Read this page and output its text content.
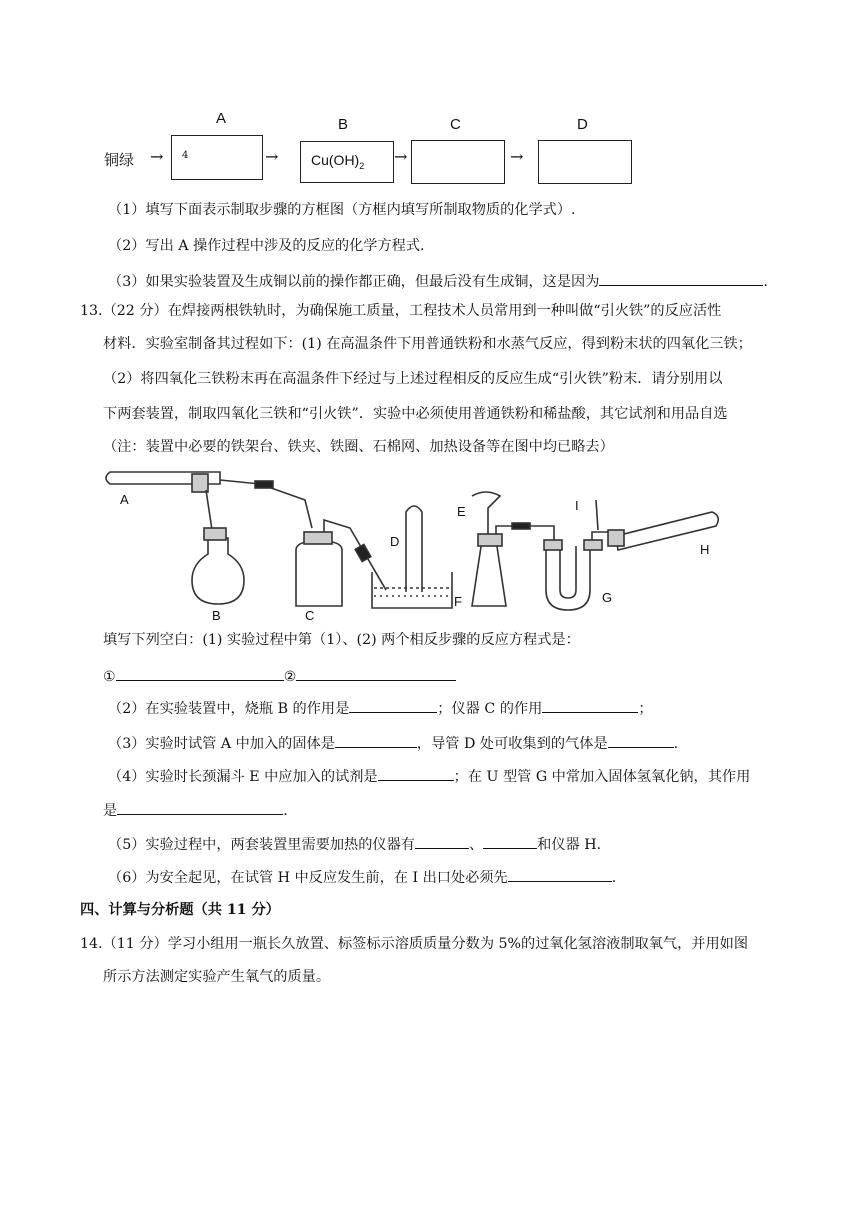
A	B	C	D
铜绿 → 4	→ $Cu(OH)_2$ →	→
（1）填写下面表示制取步骤的方框图（方框内填写所制取物质的化学式）.
（2）写出 A 操作过程中涉及的反应的化学方程式.
（3）如果实验装置及生成铜以前的操作都正确，但最后没有生成铜，这是因为	.
13.（22 分）在焊接两根铁轨时，为确保施工质量，工程技术人员常用到一种叫做“引火铁”的反应活性
材料．实验室制备其过程如下：(1) 在高温条件下用普通铁粉和水蒸气反应，得到粉末状的四氧化三铁；
（2）将四氧化三铁粉末再在高温条件下经过与上述过程相反的反应生成“引火铁”粉末．请分别用以
下两套装置，制取四氧化三铁和“引火铁”．实验中必须使用普通铁粉和稀盐酸，其它试剂和用品自选
（注：装置中必要的铁架台、铁夹、铁圈、石棉网、加热设备等在图中均已略去）
A
B	C
D
E
F
I
G
H
填写下列空白：(1) 实验过程中第（1）、(2) 两个相反步骤的反应方程式是：
①	②
（2）在实验装置中，烧瓶 B 的作用是	；仪器 C 的作用	；
（3）实验时试管 A 中加入的固体是	，导管 D 处可收集到的气体是	.
（4）实验时长颈漏斗 E 中应加入的试剂是	；在 U 型管 G 中常加入固体氢氧化钠，其作用
是	.
（5）实验过程中，两套装置里需要加热的仪器有	、	和仪器 H.
（6）为安全起见，在试管 H 中反应发生前，在 I 出口处必须先	.
四、计算与分析题（共 11 分）
14.（11 分）学习小组用一瓶长久放置、标签标示溶质质量分数为 5%的过氧化氢溶液制取氧气，并用如图
所示方法测定实验产生氧气的质量。
